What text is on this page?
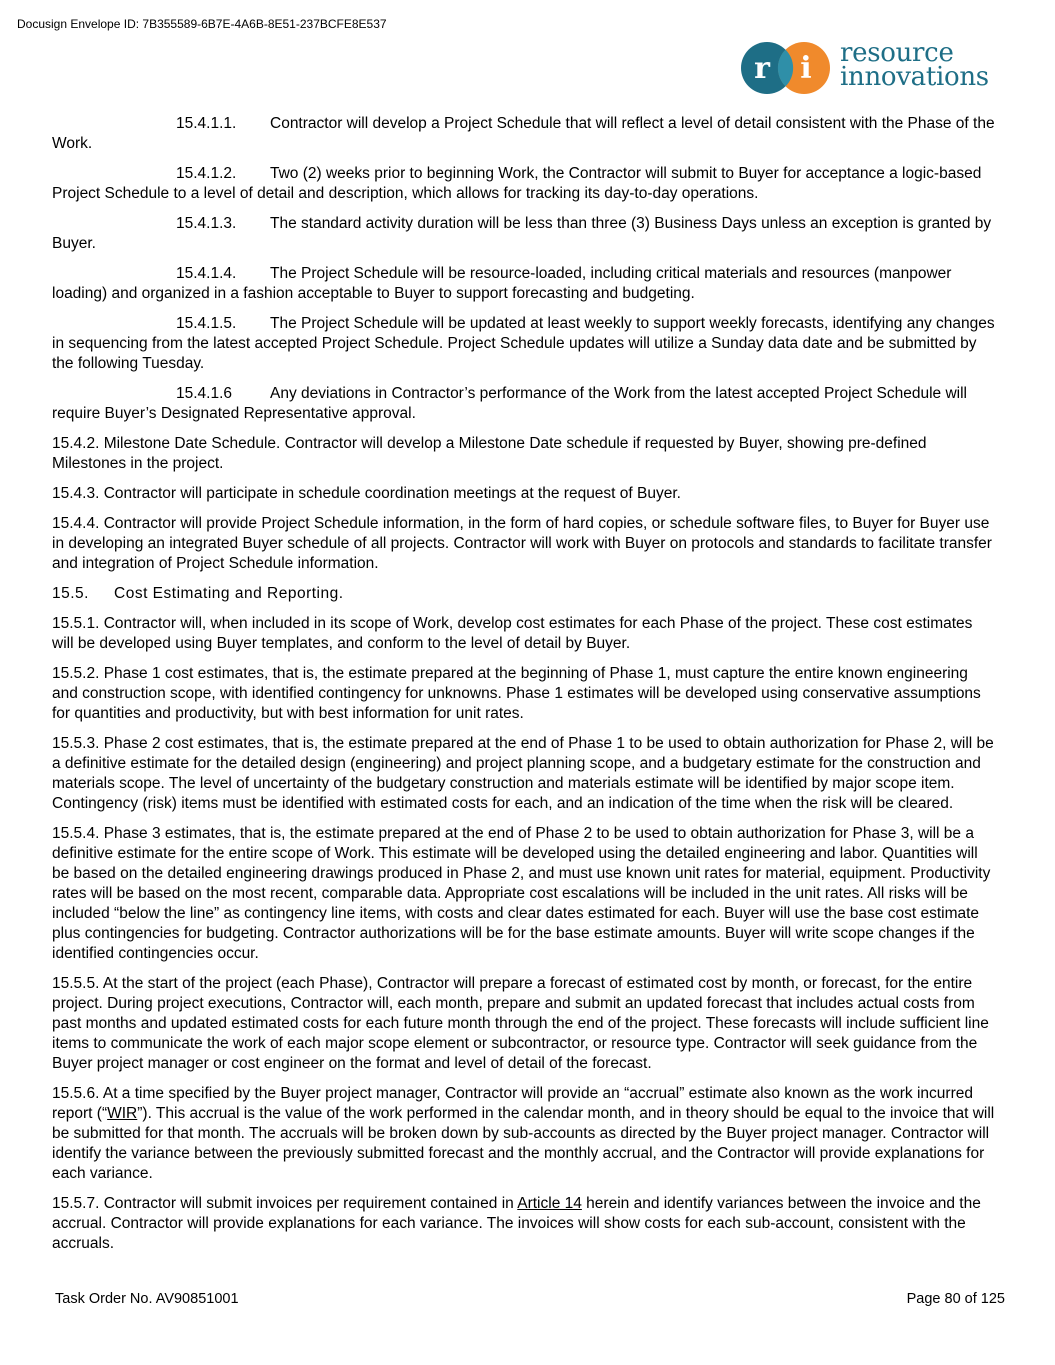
Docusign Envelope ID: 7B355589-6B7E-4A6B-8E51-237BCFE8E537
r i resource
innovations

15.4.1.1. Contractor will develop a Project Schedule that will reflect a level of detail consistent with the Phase of the Work.

15.4.1.2. Two (2) weeks prior to beginning Work, the Contractor will submit to Buyer for acceptance a logic-based Project Schedule to a level of detail and description, which allows for tracking its day-to-day operations.

15.4.1.3. The standard activity duration will be less than three (3) Business Days unless an exception is granted by Buyer.

15.4.1.4. The Project Schedule will be resource-loaded, including critical materials and resources (manpower loading) and organized in a fashion acceptable to Buyer to support forecasting and budgeting.

15.4.1.5. The Project Schedule will be updated at least weekly to support weekly forecasts, identifying any changes in sequencing from the latest accepted Project Schedule. Project Schedule updates will utilize a Sunday data date and be submitted by the following Tuesday.

15.4.1.6 Any deviations in Contractor’s performance of the Work from the latest accepted Project Schedule will require Buyer’s Designated Representative approval.

15.4.2. Milestone Date Schedule. Contractor will develop a Milestone Date schedule if requested by Buyer, showing pre-defined Milestones in the project.

15.4.3. Contractor will participate in schedule coordination meetings at the request of Buyer.

15.4.4. Contractor will provide Project Schedule information, in the form of hard copies, or schedule software files, to Buyer for Buyer use in developing an integrated Buyer schedule of all projects. Contractor will work with Buyer on protocols and standards to facilitate transfer and integration of Project Schedule information.

15.5. Cost Estimating and Reporting.

15.5.1. Contractor will, when included in its scope of Work, develop cost estimates for each Phase of the project. These cost estimates will be developed using Buyer templates, and conform to the level of detail by Buyer.

15.5.2. Phase 1 cost estimates, that is, the estimate prepared at the beginning of Phase 1, must capture the entire known engineering and construction scope, with identified contingency for unknowns. Phase 1 estimates will be developed using conservative assumptions for quantities and productivity, but with best information for unit rates.

15.5.3. Phase 2 cost estimates, that is, the estimate prepared at the end of Phase 1 to be used to obtain authorization for Phase 2, will be a definitive estimate for the detailed design (engineering) and project planning scope, and a budgetary estimate for the construction and materials scope. The level of uncertainty of the budgetary construction and materials estimate will be identified by major scope item. Contingency (risk) items must be identified with estimated costs for each, and an indication of the time when the risk will be cleared.

15.5.4. Phase 3 estimates, that is, the estimate prepared at the end of Phase 2 to be used to obtain authorization for Phase 3, will be a definitive estimate for the entire scope of Work. This estimate will be developed using the detailed engineering and labor. Quantities will be based on the detailed engineering drawings produced in Phase 2, and must use known unit rates for material, equipment. Productivity rates will be based on the most recent, comparable data. Appropriate cost escalations will be included in the unit rates. All risks will be included “below the line” as contingency line items, with costs and clear dates estimated for each. Buyer will use the base cost estimate plus contingencies for budgeting. Contractor authorizations will be for the base estimate amounts. Buyer will write scope changes if the identified contingencies occur.

15.5.5. At the start of the project (each Phase), Contractor will prepare a forecast of estimated cost by month, or forecast, for the entire project. During project executions, Contractor will, each month, prepare and submit an updated forecast that includes actual costs from past months and updated estimated costs for each future month through the end of the project. These forecasts will include sufficient line items to communicate the work of each major scope element or subcontractor, or resource type. Contractor will seek guidance from the Buyer project manager or cost engineer on the format and level of detail of the forecast.

15.5.6. At a time specified by the Buyer project manager, Contractor will provide an “accrual” estimate also known as the work incurred report (“WIR”). This accrual is the value of the work performed in the calendar month, and in theory should be equal to the invoice that will be submitted for that month. The accruals will be broken down by sub-accounts as directed by the Buyer project manager. Contractor will identify the variance between the previously submitted forecast and the monthly accrual, and the Contractor will provide explanations for each variance.

15.5.7. Contractor will submit invoices per requirement contained in Article 14 herein and identify variances between the invoice and the accrual. Contractor will provide explanations for each variance. The invoices will show costs for each sub-account, consistent with the accruals.

Task Order No. AV90851001	Page 80 of 125
